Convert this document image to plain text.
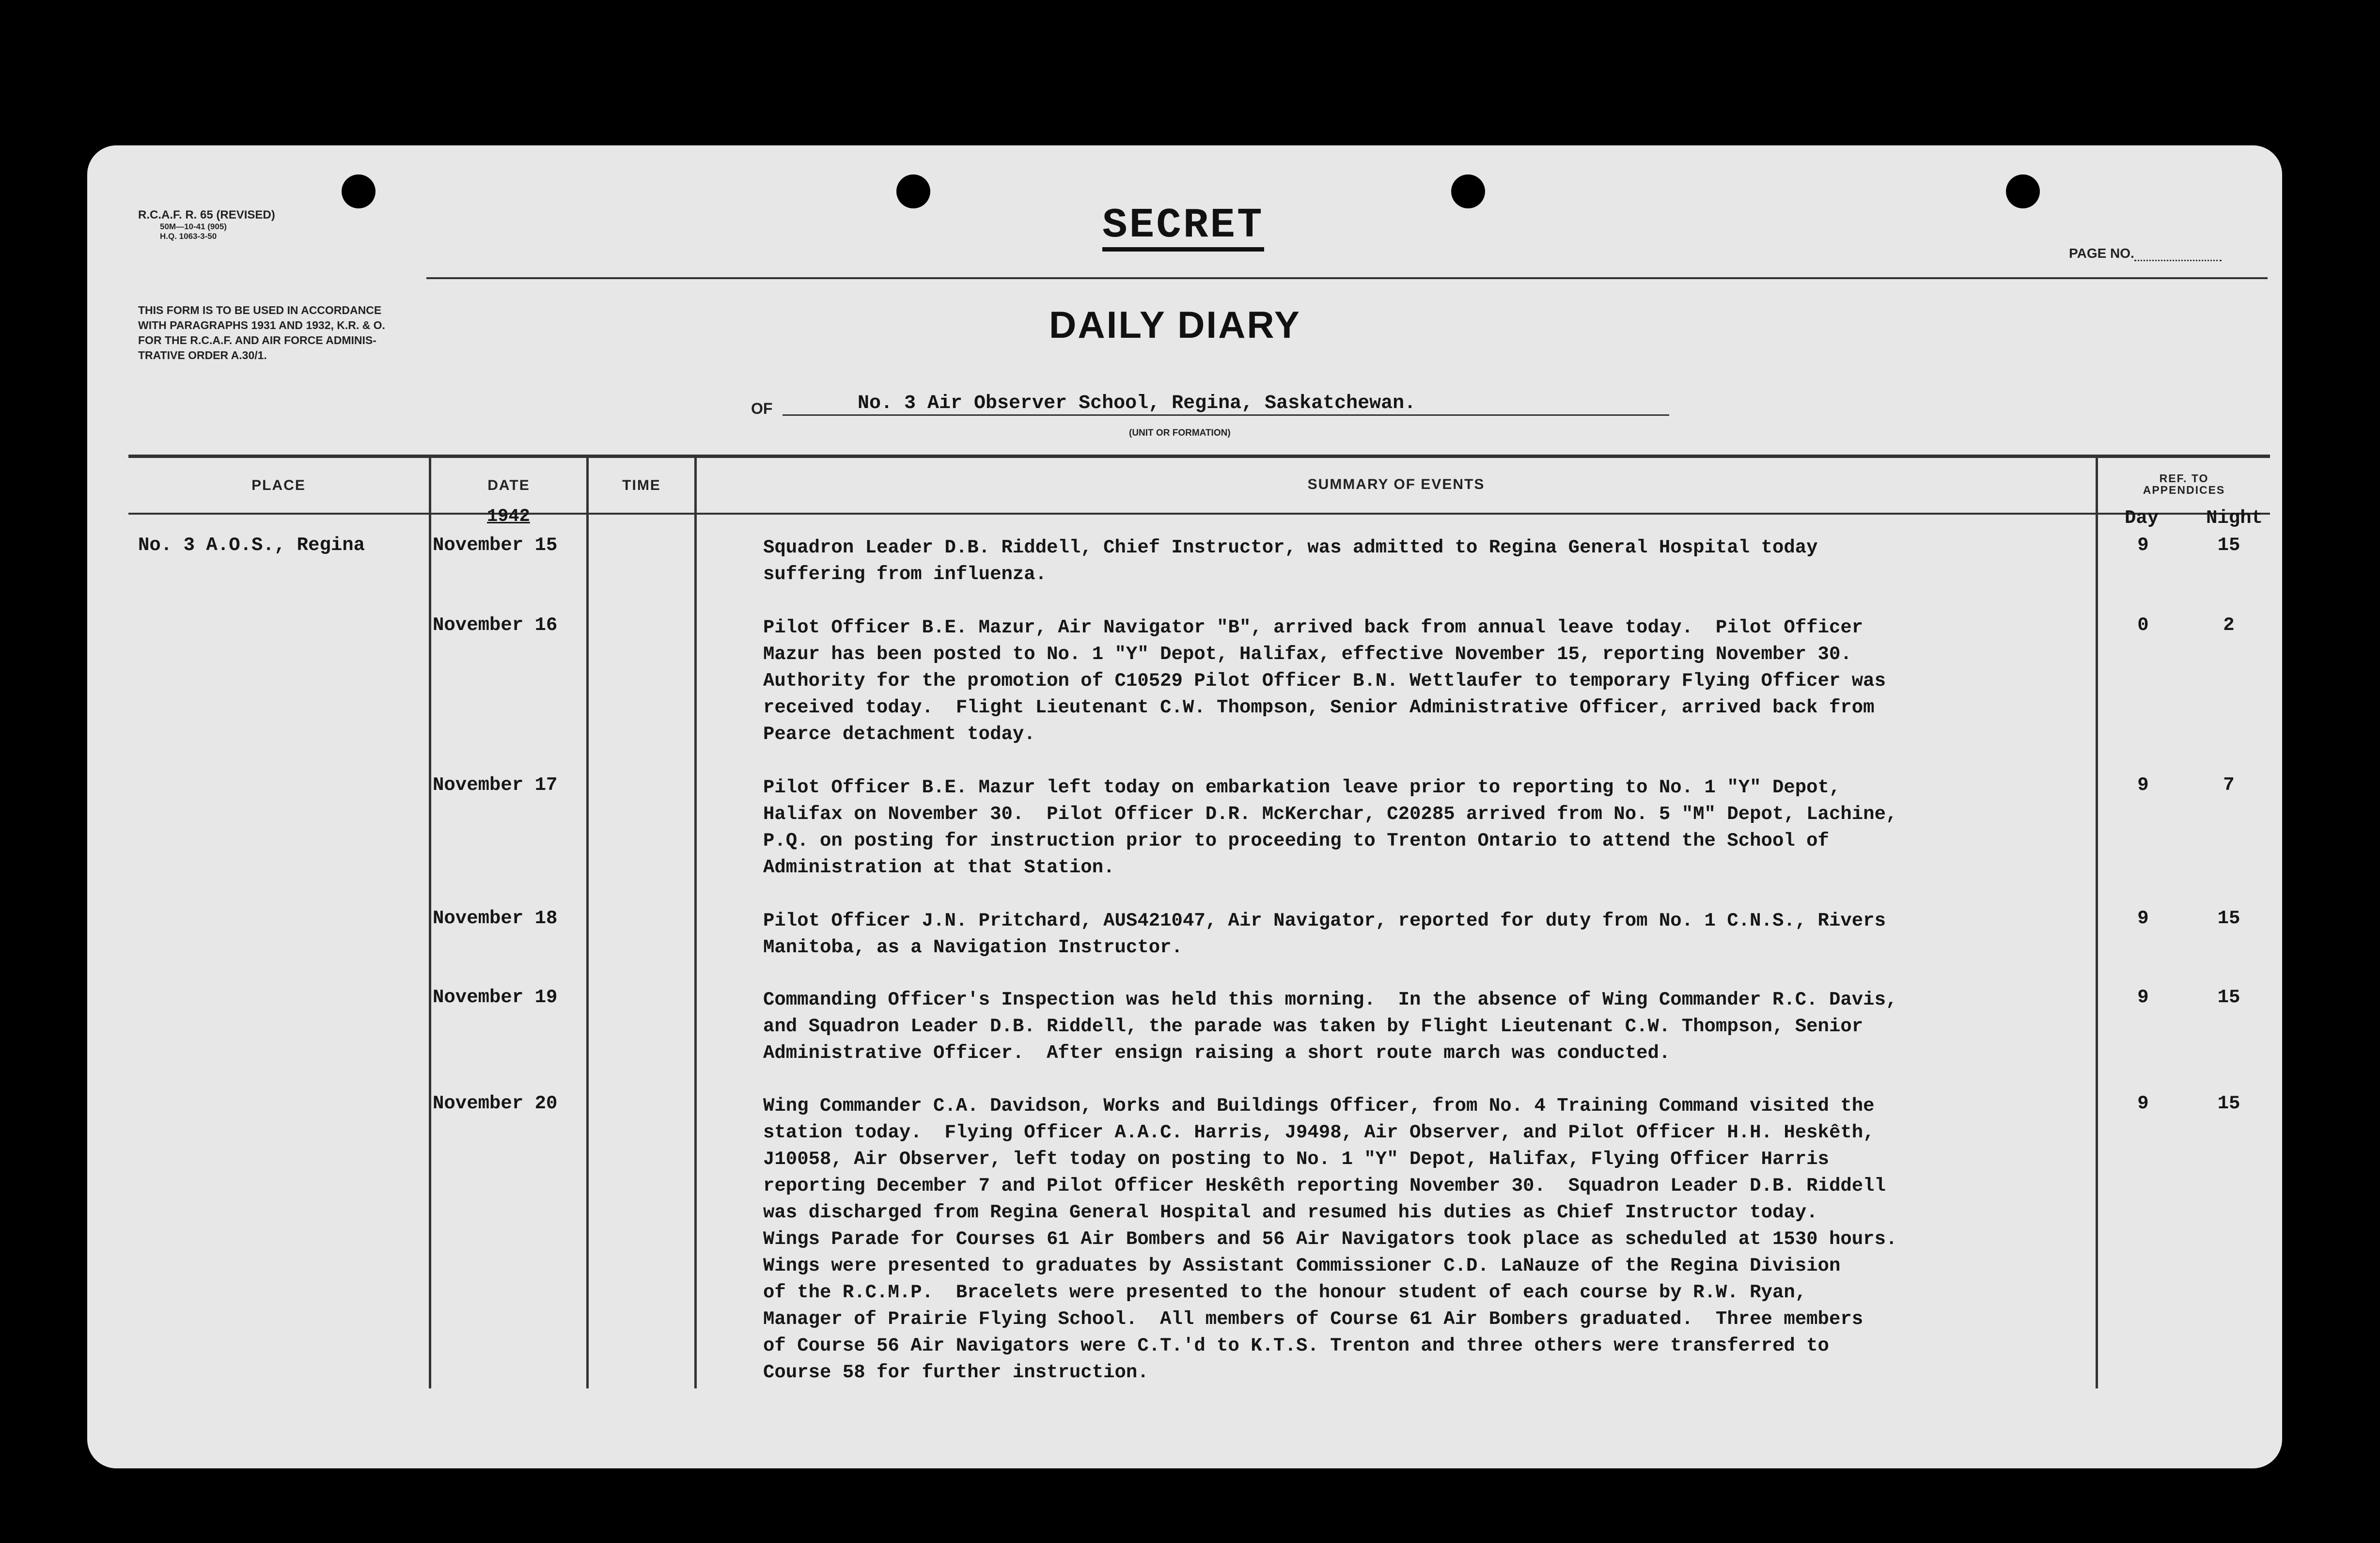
R.C.A.F. R. 65 (REVISED)
50M—10-41 (905)
H.Q. 1063-3-50	SECRET
PAGE NO.
THIS FORM IS TO BE USED IN ACCORDANCE
WITH PARAGRAPHS 1931 AND 1932, K.R. & O.
FOR THE R.C.A.F. AND AIR FORCE ADMINIS-
TRATIVE ORDER A.30/1.
DAILY DIARY
OF	No. 3 Air Observer School, Regina, Saskatchewan.
(UNIT OR FORMATION)
PLACE	DATE	TIME	SUMMARY OF EVENTS	REF. TO
APPENDICES
1942	Day	Night
No. 3 A.O.S., Regina	November 15	Squadron Leader D.B. Riddell, Chief Instructor, was admitted to Regina General Hospital today
suffering from influenza.
9	15
November 16	Pilot Officer B.E. Mazur, Air Navigator "B", arrived back from annual leave today.  Pilot Officer
Mazur has been posted to No. 1 "Y" Depot, Halifax, effective November 15, reporting November 30.
Authority for the promotion of C10529 Pilot Officer B.N. Wettlaufer to temporary Flying Officer was
received today.  Flight Lieutenant C.W. Thompson, Senior Administrative Officer, arrived back from
Pearce detachment today.
0	2
November 17	Pilot Officer B.E. Mazur left today on embarkation leave prior to reporting to No. 1 "Y" Depot,
Halifax on November 30.  Pilot Officer D.R. McKerchar, C20285 arrived from No. 5 "M" Depot, Lachine,
P.Q. on posting for instruction prior to proceeding to Trenton Ontario to attend the School of
Administration at that Station.
9	7
November 18	Pilot Officer J.N. Pritchard, AUS421047, Air Navigator, reported for duty from No. 1 C.N.S., Rivers
Manitoba, as a Navigation Instructor.
9	15
November 19	Commanding Officer's Inspection was held this morning.  In the absence of Wing Commander R.C. Davis,
and Squadron Leader D.B. Riddell, the parade was taken by Flight Lieutenant C.W. Thompson, Senior
Administrative Officer.  After ensign raising a short route march was conducted.
9	15
November 20	Wing Commander C.A. Davidson, Works and Buildings Officer, from No. 4 Training Command visited the
station today.  Flying Officer A.A.C. Harris, J9498, Air Observer, and Pilot Officer H.H. Heskêth,
J10058, Air Observer, left today on posting to No. 1 "Y" Depot, Halifax, Flying Officer Harris
reporting December 7 and Pilot Officer Heskêth reporting November 30.  Squadron Leader D.B. Riddell
was discharged from Regina General Hospital and resumed his duties as Chief Instructor today.
Wings Parade for Courses 61 Air Bombers and 56 Air Navigators took place as scheduled at 1530 hours.
Wings were presented to graduates by Assistant Commissioner C.D. LaNauze of the Regina Division
of the R.C.M.P.  Bracelets were presented to the honour student of each course by R.W. Ryan,
Manager of Prairie Flying School.  All members of Course 61 Air Bombers graduated.  Three members
of Course 56 Air Navigators were C.T.'d to K.T.S. Trenton and three others were transferred to
Course 58 for further instruction.
9	15
